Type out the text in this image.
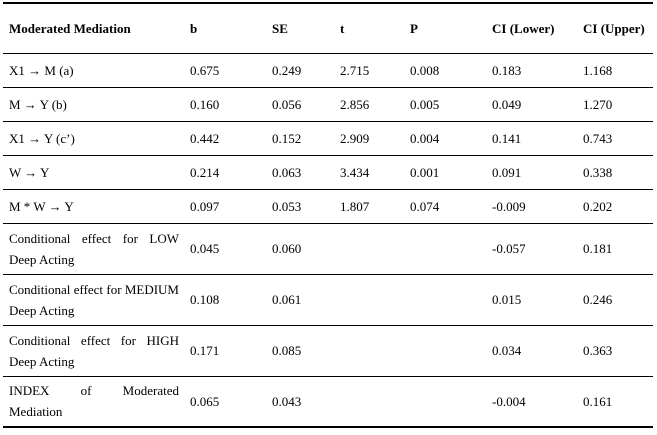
Moderated Mediation	b	SE	t	P	CI (Lower)	CI (Upper)
X1 → M (a)	0.675	0.249	2.715	0.008	0.183	1.168
M → Y (b)	0.160	0.056	2.856	0.005	0.049	1.270
X1 → Y (c’)	0.442	0.152	2.909	0.004	0.141	0.743
W → Y	0.214	0.063	3.434	0.001	0.091	0.338
M * W → Y	0.097	0.053	1.807	0.074	-0.009	0.202
Conditional effect for LOW Deep Acting	0.045	0.060			-0.057	0.181
Conditional effect for MEDIUM Deep Acting	0.108	0.061			0.015	0.246
Conditional effect for HIGH Deep Acting	0.171	0.085			0.034	0.363
INDEX of Moderated Mediation	0.065	0.043			-0.004	0.161
